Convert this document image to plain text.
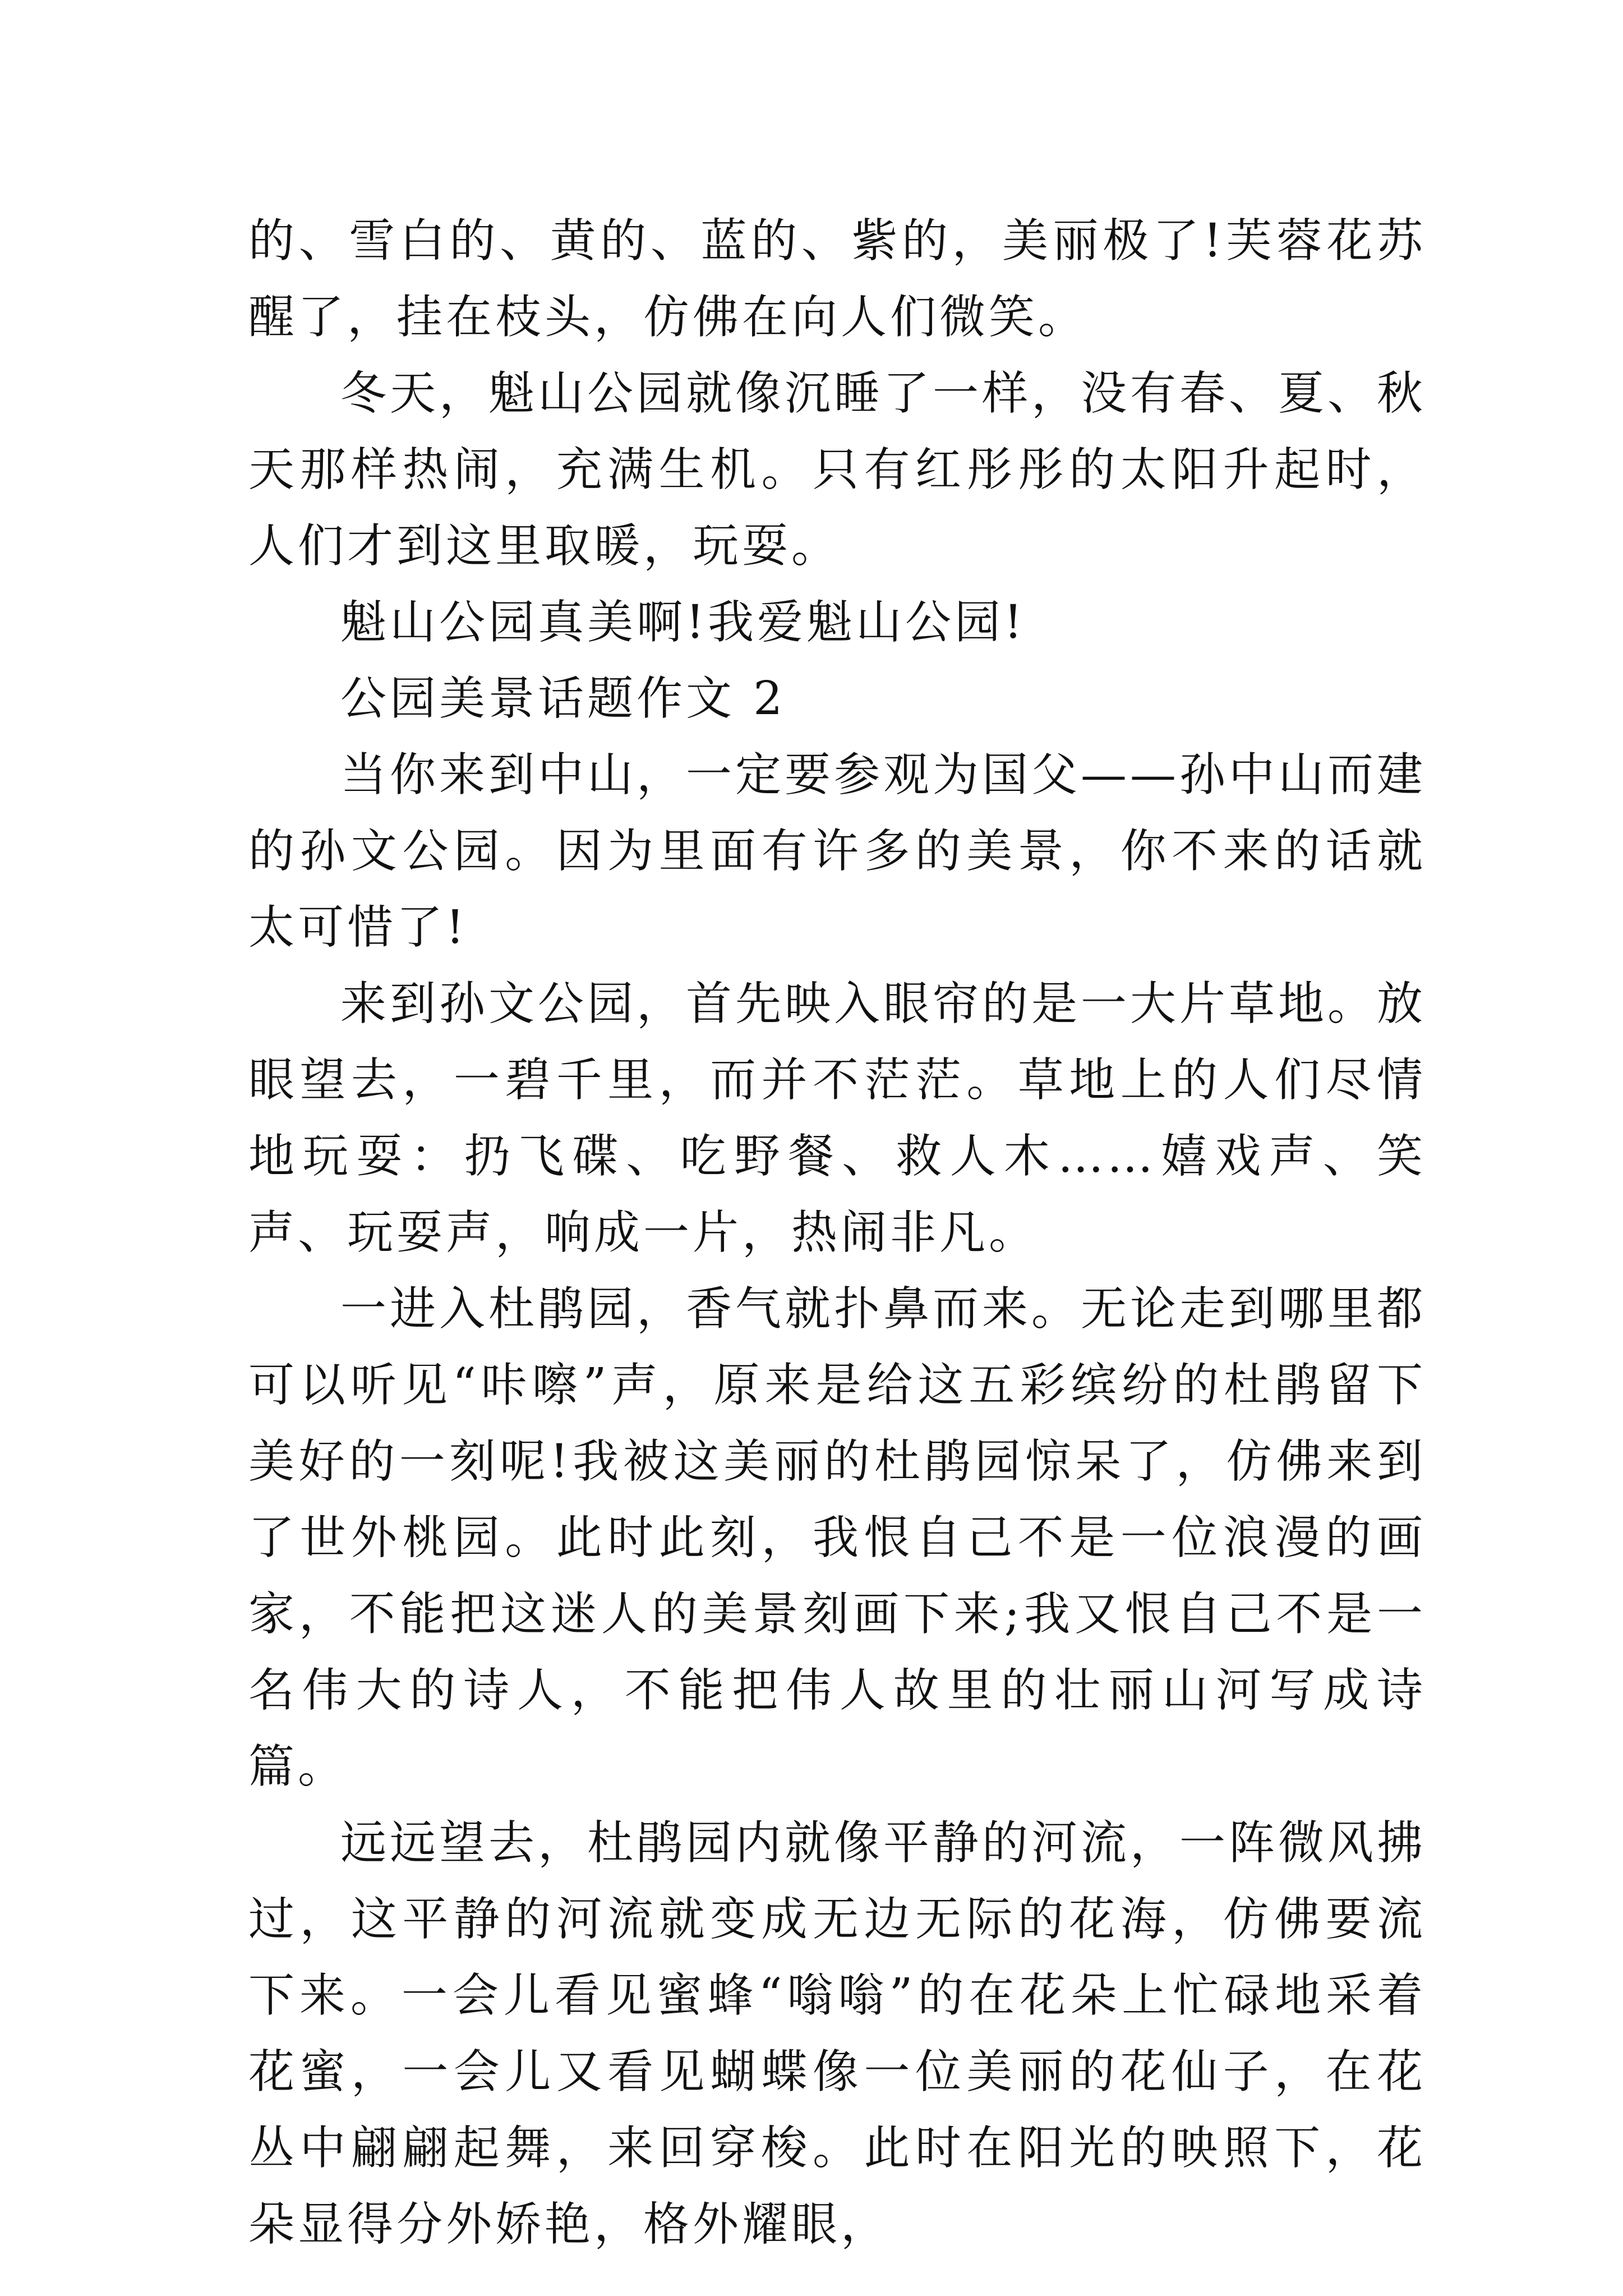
的、雪白的、黄的、蓝的、紫的，美丽极了!芙蓉花苏醒了，挂在枝头，仿佛在向人们微笑。

冬天，魁山公园就像沉睡了一样，没有春、夏、秋天那样热闹，充满生机。只有红彤彤的太阳升起时，人们才到这里取暖，玩耍。

魁山公园真美啊!我爱魁山公园!

公园美景话题作文 2

当你来到中山，一定要参观为国父——孙中山而建的孙文公园。因为里面有许多的美景，你不来的话就太可惜了!

来到孙文公园，首先映入眼帘的是一大片草地。放眼望去，一碧千里，而并不茫茫。草地上的人们尽情地玩耍：扔飞碟、吃野餐、救人木……嬉戏声、笑声、玩耍声，响成一片，热闹非凡。

一进入杜鹃园，香气就扑鼻而来。无论走到哪里都可以听见“咔嚓”声，原来是给这五彩缤纷的杜鹃留下美好的一刻呢!我被这美丽的杜鹃园惊呆了，仿佛来到了世外桃园。此时此刻，我恨自己不是一位浪漫的画家，不能把这迷人的美景刻画下来;我又恨自己不是一名伟大的诗人，不能把伟人故里的壮丽山河写成诗篇。

远远望去，杜鹃园内就像平静的河流，一阵微风拂过，这平静的河流就变成无边无际的花海，仿佛要流下来。一会儿看见蜜蜂“嗡嗡”的在花朵上忙碌地采着花蜜，一会儿又看见蝴蝶像一位美丽的花仙子，在花丛中翩翩起舞，来回穿梭。此时在阳光的映照下，花朵显得分外娇艳，格外耀眼，
